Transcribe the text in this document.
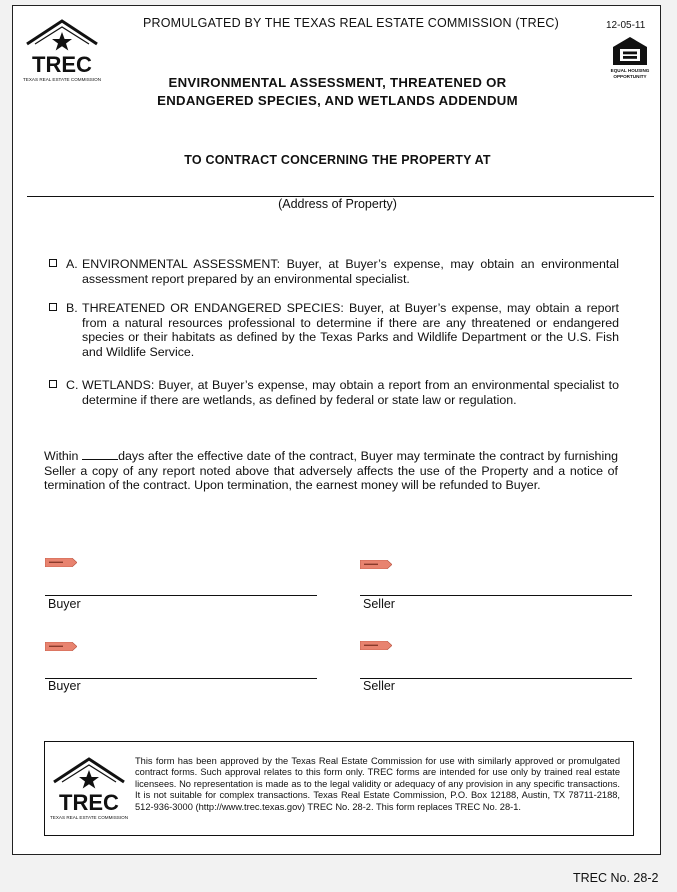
TREC
TEXAS REAL ESTATE COMMISSION
PROMULGATED BY THE TEXAS REAL ESTATE COMMISSION (TREC)	12-05-11
EQUAL HOUSING
OPPORTUNITY
ENVIRONMENTAL ASSESSMENT, THREATENED OR
ENDANGERED SPECIES, AND WETLANDS ADDENDUM
TO CONTRACT CONCERNING THE PROPERTY AT
(Address of Property)
A. ENVIRONMENTAL ASSESSMENT: Buyer, at Buyer’s expense, may obtain an environmental assessment report prepared by an environmental specialist.
B. THREATENED OR ENDANGERED SPECIES: Buyer, at Buyer’s expense, may obtain a report from a natural resources professional to determine if there are any threatened or endangered species or their habitats as defined by the Texas Parks and Wildlife Department or the U.S. Fish and Wildlife Service.
C. WETLANDS: Buyer, at Buyer’s expense, may obtain a report from an environmental specialist to determine if there are wetlands, as defined by federal or state law or regulation.
Within	days after the effective date of the contract, Buyer may terminate the contract by furnishing Seller a copy of any report noted above that adversely affects the use of the Property and a notice of termination of the contract. Upon termination, the earnest money will be refunded to Buyer.
Buyer	Seller
Buyer	Seller
TREC
TEXAS REAL ESTATE COMMISSION
This form has been approved by the Texas Real Estate Commission for use with similarly approved or promulgated contract forms. Such approval relates to this form only. TREC forms are intended for use only by trained real estate licensees. No representation is made as to the legal validity or adequacy of any provision in any specific transactions. It is not suitable for complex transactions. Texas Real Estate Commission, P.O. Box 12188, Austin, TX 78711-2188, 512-936-3000 (http://www.trec.texas.gov) TREC No. 28-2. This form replaces TREC No. 28-1.
TREC No. 28-2
